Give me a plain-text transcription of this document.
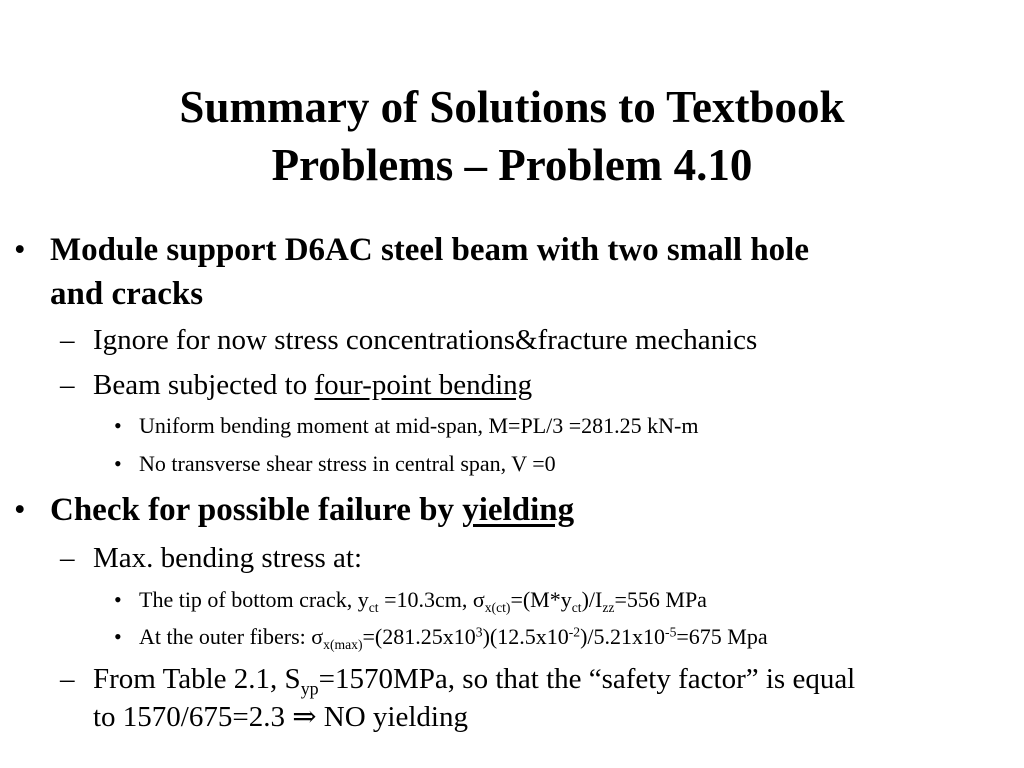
Summary of Solutions to Textbook
Problems – Problem 4.10
• Module support D6AC steel beam with two small hole
and cracks
– Ignore for now stress concentrations&fracture mechanics
– Beam subjected to four-point bending
• Uniform bending moment at mid-span, M=PL/3 =281.25 kN-m
• No transverse shear stress in central span, V =0
• Check for possible failure by yielding
– Max. bending stress at:
• The tip of bottom crack, $y_{ct} =10.3cm$, $\sigma_{x(ct)}=(M*y_{ct})/I_{zz}=556$ MPa
• At the outer fibers: $\sigma_{x(max)}=(281.25x10^3)(12.5x10^{-2})/5.21x10^{-5}=675$ Mpa
– From Table 2.1, $S_{yp}=1570MPa$, so that the “safety factor” is equal
to 1570/675=2.3 ⇒ NO yielding
